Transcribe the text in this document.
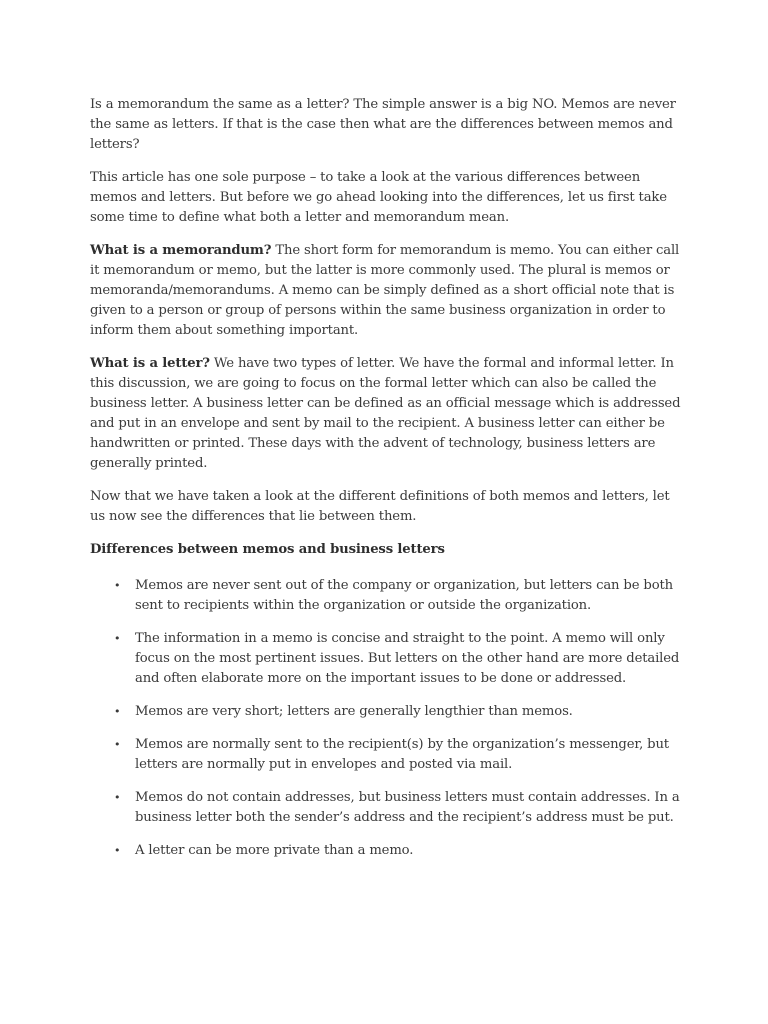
Is a memorandum the same as a letter? The simple answer is a big NO. Memos are never the same as letters. If that is the case then what are the differences between memos and letters?

This article has one sole purpose – to take a look at the various differences between memos and letters. But before we go ahead looking into the differences, let us first take some time to define what both a letter and memorandum mean.

What is a memorandum? The short form for memorandum is memo. You can either call it memorandum or memo, but the latter is more commonly used. The plural is memos or memoranda/memorandums. A memo can be simply defined as a short official note that is given to a person or group of persons within the same business organization in order to inform them about something important.

What is a letter? We have two types of letter. We have the formal and informal letter. In this discussion, we are going to focus on the formal letter which can also be called the business letter. A business letter can be defined as an official message which is addressed and put in an envelope and sent by mail to the recipient. A business letter can either be handwritten or printed. These days with the advent of technology, business letters are generally printed.

Now that we have taken a look at the different definitions of both memos and letters, let us now see the differences that lie between them.

Differences between memos and business letters
• Memos are never sent out of the company or organization, but letters can be both sent to recipients within the organization or outside the organization.
• The information in a memo is concise and straight to the point. A memo will only focus on the most pertinent issues. But letters on the other hand are more detailed and often elaborate more on the important issues to be done or addressed.
• Memos are very short; letters are generally lengthier than memos.
• Memos are normally sent to the recipient(s) by the organization’s messenger, but letters are normally put in envelopes and posted via mail.
• Memos do not contain addresses, but business letters must contain addresses. In a business letter both the sender’s address and the recipient’s address must be put.
• A letter can be more private than a memo.
